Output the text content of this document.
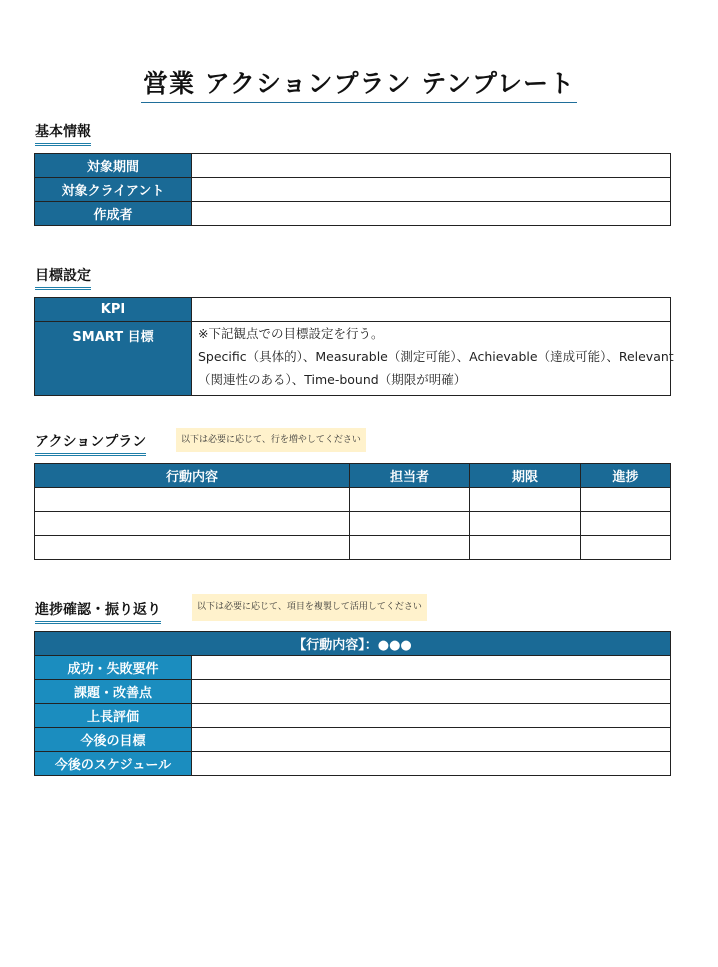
営業 アクションプラン テンプレート
基本情報
対象期間	
対象クライアント	
作成者	
目標設定
KPI	
SMART 目標	※下記観点での目標設定を行う。
Specific（具体的）、Measurable（測定可能）、Achievable（達成可能）、Relevant
（関連性のある）、Time-bound（期限が明確）
アクションプラン	以下は必要に応じて、行を増やしてください
行動内容	担当者	期限	進捗

進捗確認・振り返り	以下は必要に応じて、項目を複製して活用してください
【行動内容】：●●●	
成功・失敗要件	
課題・改善点	
上長評価	
今後の目標	
今後のスケジュール	
